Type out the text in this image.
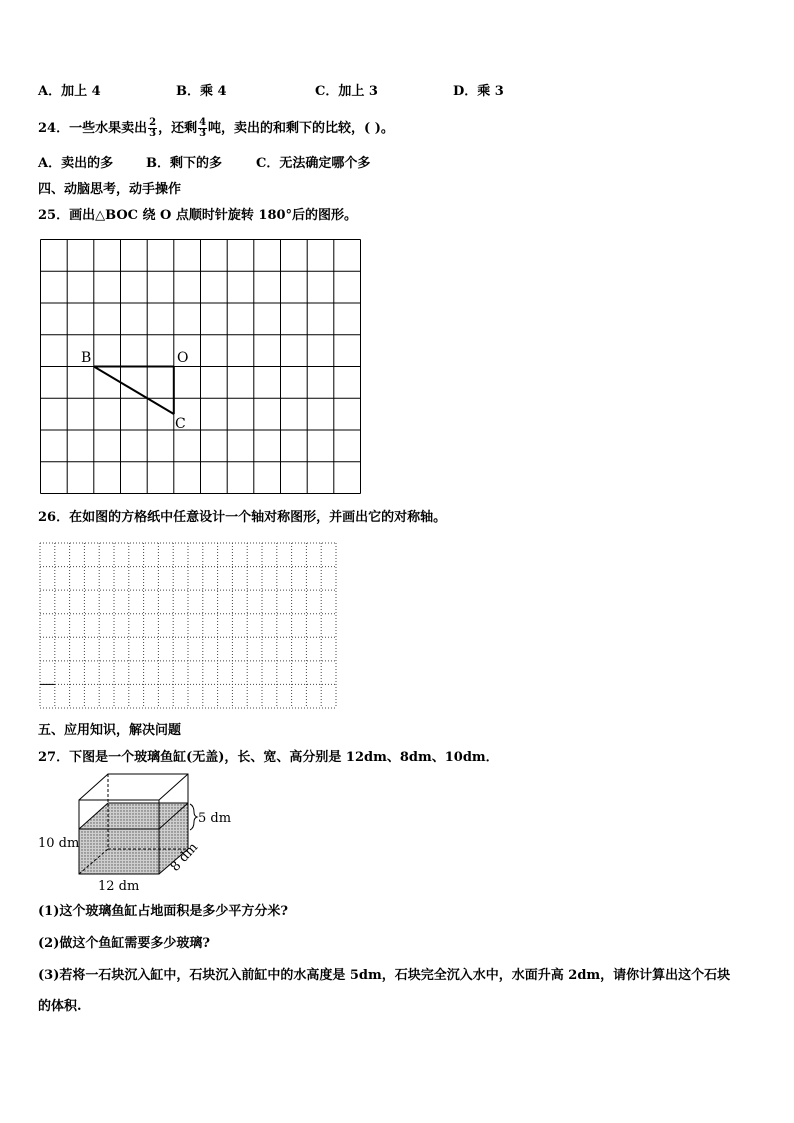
A．加上 4	B．乘 4	C．加上 3	D．乘 3
24．一些水果卖出 $\frac{2}{3}$ ，还剩 $\frac{4}{3}$ 吨，卖出的和剩下的比较，( )。
A．卖出的多	B．剩下的多	C．无法确定哪个多
四、动脑思考，动手操作
25．画出△BOC 绕 O 点顺时针旋转 180°后的图形。
B	O
C
26．在如图的方格纸中任意设计一个轴对称图形，并画出它的对称轴。
五、应用知识，解决问题
27．下图是一个玻璃鱼缸(无盖)，长、宽、高分别是 12dm、8dm、10dm．
5 dm
10 dm
12 dm
8 dm
(1)这个玻璃鱼缸占地面积是多少平方分米?
(2)做这个鱼缸需要多少玻璃?
(3)若将一石块沉入缸中，石块沉入前缸中的水高度是 5dm，石块完全沉入水中，水面升高 2dm，请你计算出这个石块
的体积.
